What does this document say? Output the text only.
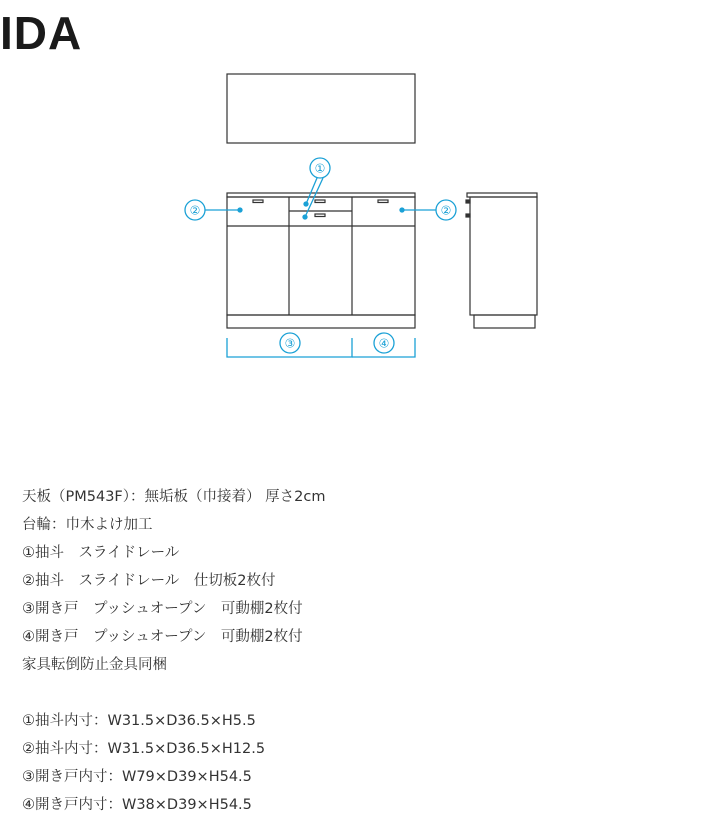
IDA
①
②	②
③	④
天板（PM543F）：無垢板（巾接着） 厚さ2cm
台輪：巾木よけ加工
①抽斗　スライドレール
②抽斗　スライドレール　仕切板2枚付
③開き戸　プッシュオープン　可動棚2枚付
④開き戸　プッシュオープン　可動棚2枚付
家具転倒防止金具同梱
①抽斗内寸：W31.5×D36.5×H5.5
②抽斗内寸：W31.5×D36.5×H12.5
③開き戸内寸：W79×D39×H54.5
④開き戸内寸：W38×D39×H54.5
